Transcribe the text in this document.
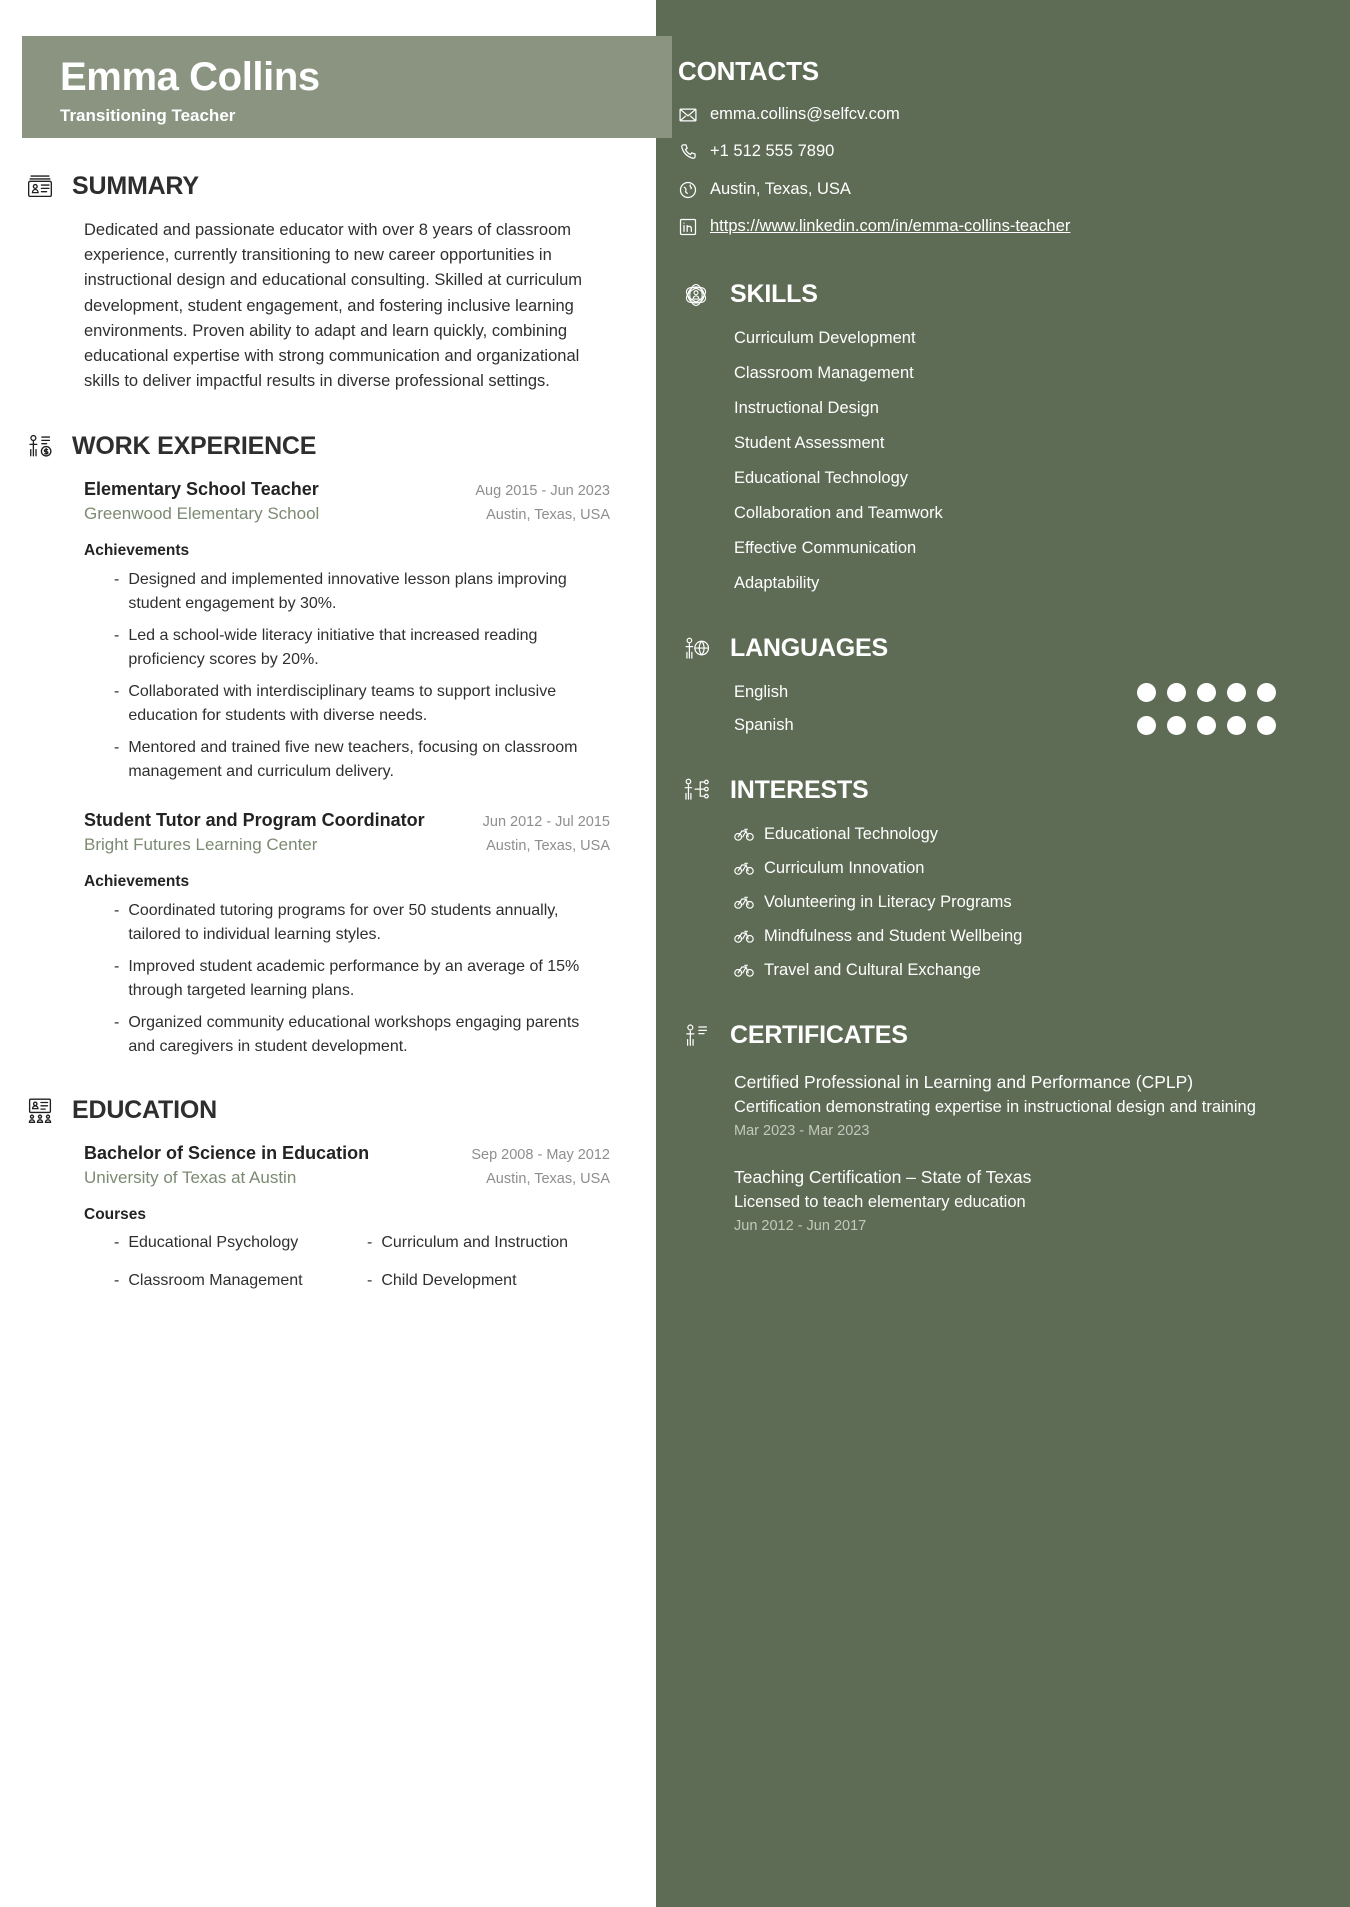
CONTACTS
emma.collins@selfcv.com
+1 512 555 7890
Austin, Texas, USA
https://www.linkedin.com/in/emma-collins-teacher
SKILLS
Curriculum Development
Classroom Management
Instructional Design
Student Assessment
Educational Technology
Collaboration and Teamwork
Effective Communication
Adaptability
LANGUAGES
English
Spanish
INTERESTS
Educational Technology
Curriculum Innovation
Volunteering in Literacy Programs
Mindfulness and Student Wellbeing
Travel and Cultural Exchange
CERTIFICATES
Certified Professional in Learning and Performance (CPLP)
Certification demonstrating expertise in instructional design and training
Mar 2023 - Mar 2023
Teaching Certification – State of Texas
Licensed to teach elementary education
Jun 2012 - Jun 2017
Emma Collins
Transitioning Teacher
SUMMARY

Dedicated and passionate educator with over 8 years of classroom experience, currently transitioning to new career opportunities in instructional design and educational consulting. Skilled at curriculum development, student engagement, and fostering inclusive learning environments. Proven ability to adapt and learn quickly, combining educational expertise with strong communication and organizational skills to deliver impactful results in diverse professional settings.

WORK EXPERIENCE
Elementary School Teacher	Aug 2015 - Jun 2023
Greenwood Elementary School	Austin, Texas, USA
Achievements
- Designed and implemented innovative lesson plans improving student engagement by 30%.
- Led a school-wide literacy initiative that increased reading proficiency scores by 20%.
- Collaborated with interdisciplinary teams to support inclusive education for students with diverse needs.
- Mentored and trained five new teachers, focusing on classroom management and curriculum delivery.
Student Tutor and Program Coordinator	Jun 2012 - Jul 2015
Bright Futures Learning Center	Austin, Texas, USA
Achievements
- Coordinated tutoring programs for over 50 students annually, tailored to individual learning styles.
- Improved student academic performance by an average of 15% through targeted learning plans.
- Organized community educational workshops engaging parents and caregivers in student development.
EDUCATION
Bachelor of Science in Education	Sep 2008 - May 2012
University of Texas at Austin	Austin, Texas, USA
Courses
- Educational Psychology	- Curriculum and Instruction
- Classroom Management	- Child Development
